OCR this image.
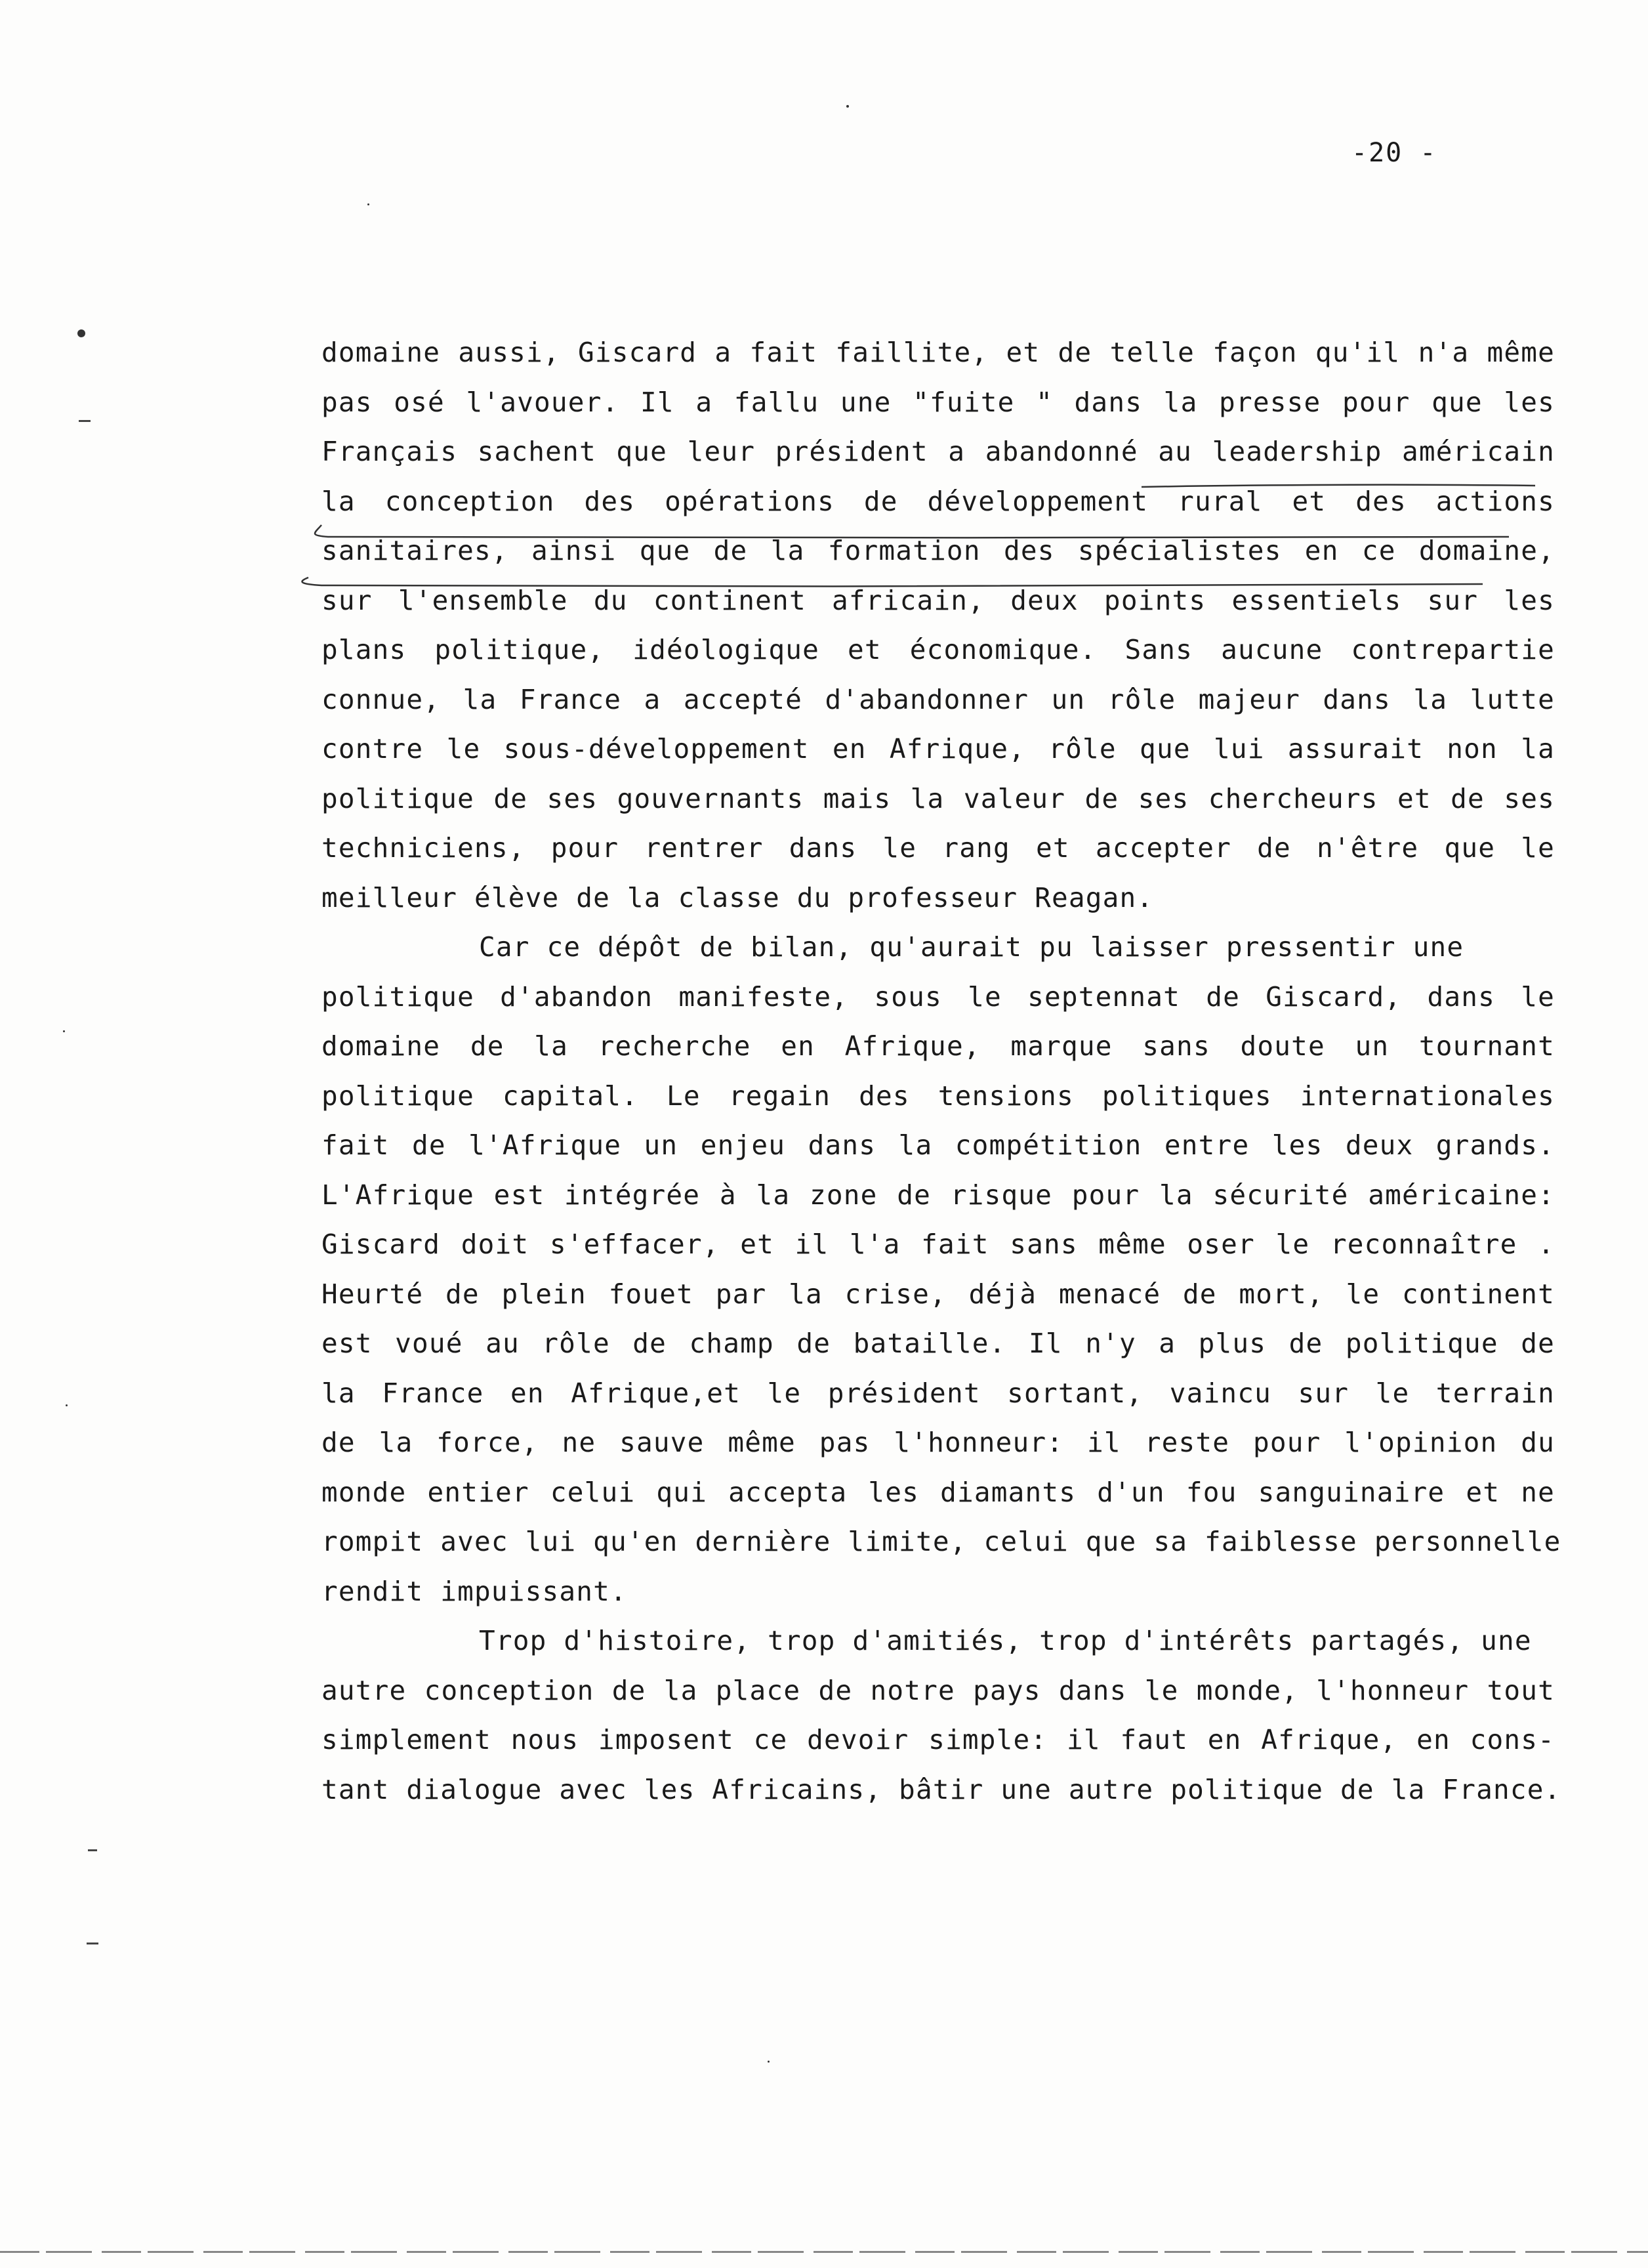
-20 -
domaine aussi, Giscard a fait faillite, et de telle façon qu'il n'a même
pas osé l'avouer. Il a fallu une "fuite " dans la presse pour que les
Français sachent que leur président a abandonné au leadership américain
la conception des opérations de développement rural et des actions
sanitaires, ainsi que de la formation des spécialistes en ce domaine,
sur l'ensemble du continent africain, deux points essentiels sur les
plans politique, idéologique et économique. Sans aucune contrepartie
connue, la France a accepté d'abandonner un rôle majeur dans la lutte
contre le sous-développement en Afrique, rôle que lui assurait non la
politique de ses gouvernants mais la valeur de ses chercheurs et de ses
techniciens, pour rentrer dans le rang et accepter de n'être que le
meilleur élève de la classe du professeur Reagan.
Car ce dépôt de bilan, qu'aurait pu laisser pressentir une
politique d'abandon manifeste, sous le septennat de Giscard, dans le
domaine de la recherche en Afrique, marque sans doute un tournant
politique capital. Le regain des tensions politiques internationales
fait de l'Afrique un enjeu dans la compétition entre les deux grands.
L'Afrique est intégrée à la zone de risque pour la sécurité américaine:
Giscard doit s'effacer, et il l'a fait sans même oser le reconnaître .
Heurté de plein fouet par la crise, déjà menacé de mort, le continent
est voué au rôle de champ de bataille. Il n'y a plus de politique de
la France en Afrique,et le président sortant, vaincu sur le terrain
de la force, ne sauve même pas l'honneur: il reste pour l'opinion du
monde entier celui qui accepta les diamants d'un fou sanguinaire et ne
rompit avec lui qu'en dernière limite, celui que sa faiblesse personnelle
rendit impuissant.
Trop d'histoire, trop d'amitiés, trop d'intérêts partagés, une
autre conception de la place de notre pays dans le monde, l'honneur tout
simplement nous imposent ce devoir simple: il faut en Afrique, en cons-
tant dialogue avec les Africains, bâtir une autre politique de la France.
